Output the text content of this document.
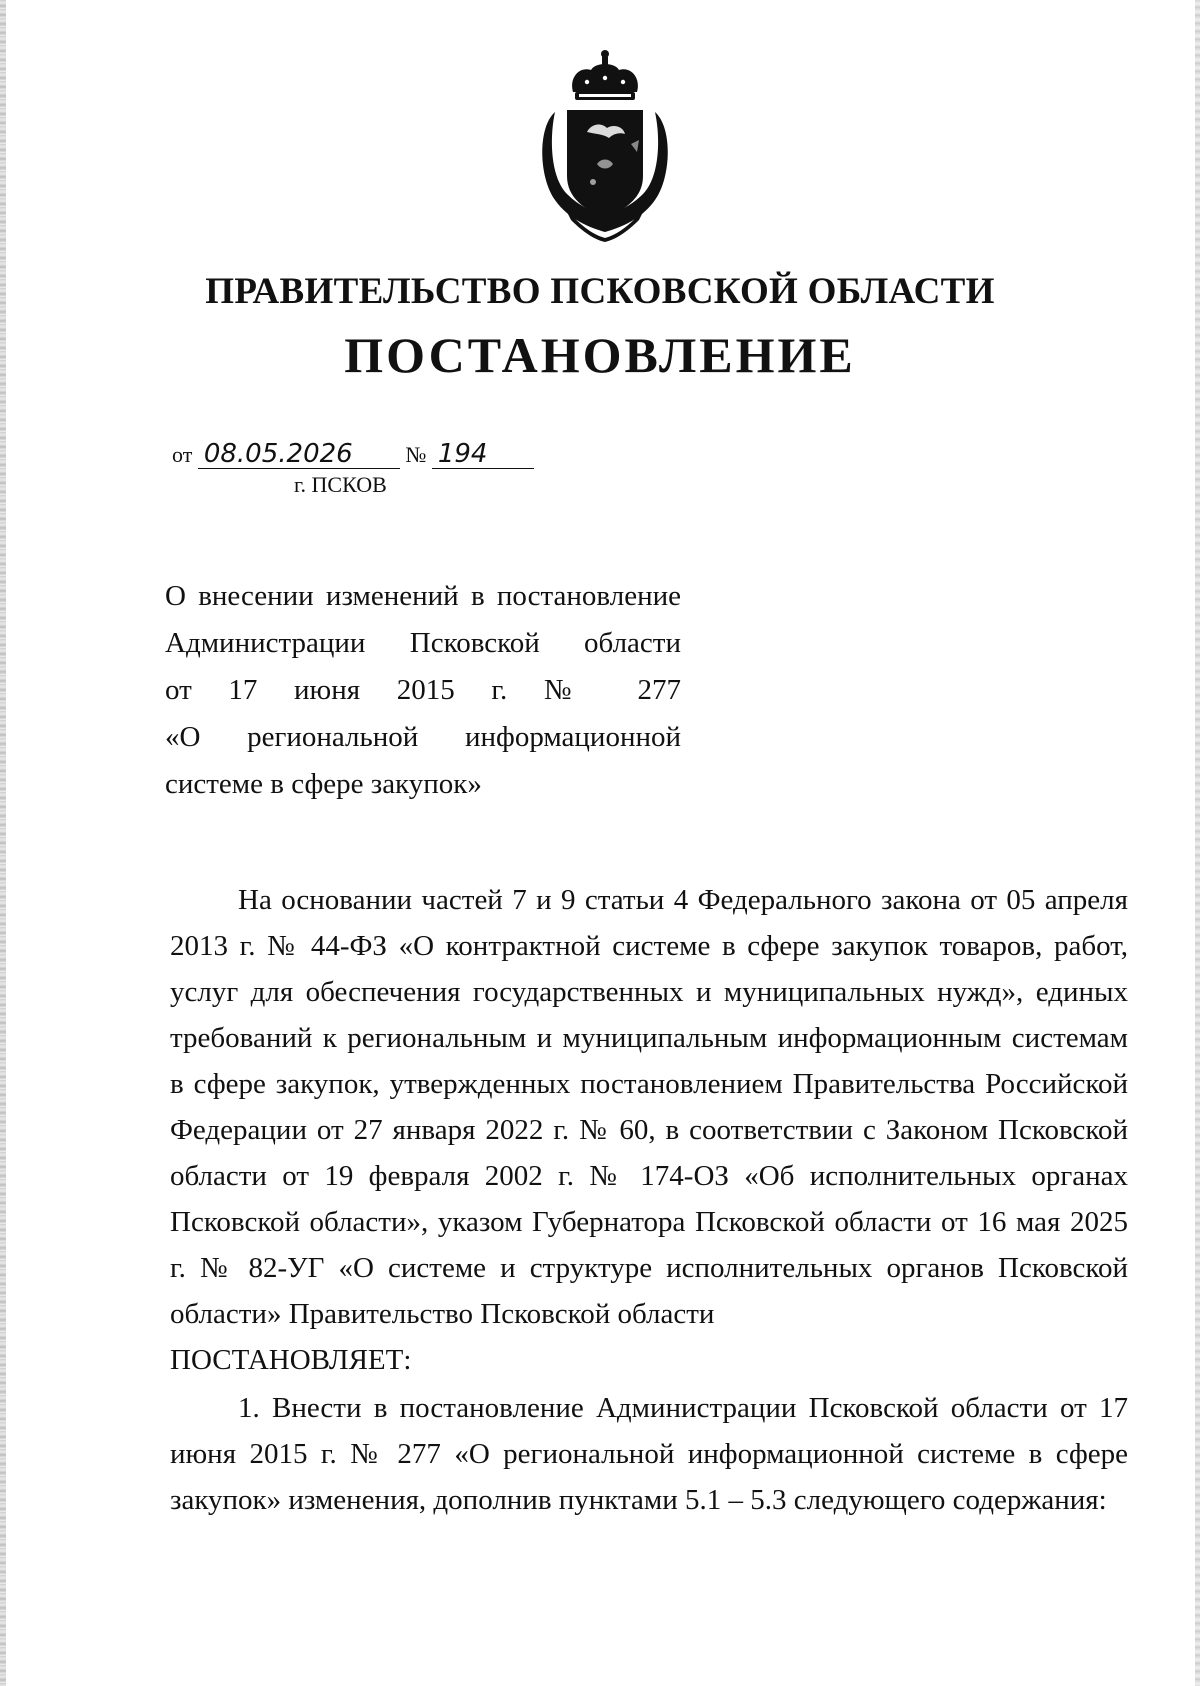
ПРАВИТЕЛЬСТВО ПСКОВСКОЙ ОБЛАСТИ
ПОСТАНОВЛЕНИЕ
от 08.05.2026 № 194
г. ПСКОВ
О внесении изменений в постановление
Администрации Псковской области
от 17 июня 2015 г. № 277
«О региональной информационной
системе в сфере закупок»

На основании частей 7 и 9 статьи 4 Федерального закона от 05 апреля 2013 г. № 44-ФЗ «О контрактной системе в сфере закупок товаров, работ, услуг для обеспечения государственных и муниципальных нужд», единых требований к региональным и муниципальным информационным системам в сфере закупок, утвержденных постановлением Правительства Российской Федерации от 27 января 2022 г. № 60, в соответствии с Законом Псковской области от 19 февраля 2002 г. № 174-ОЗ «Об исполнительных органах Псковской области», указом Губернатора Псковской области от 16 мая 2025 г. № 82-УГ «О системе и структуре исполнительных органов Псковской области» Правительство Псковской области

ПОСТАНОВЛЯЕТ:

1. Внести в постановление Администрации Псковской области от 17 июня 2015 г. № 277 «О региональной информационной системе в сфере закупок» изменения, дополнив пунктами 5.1 – 5.3 следующего содержания:
